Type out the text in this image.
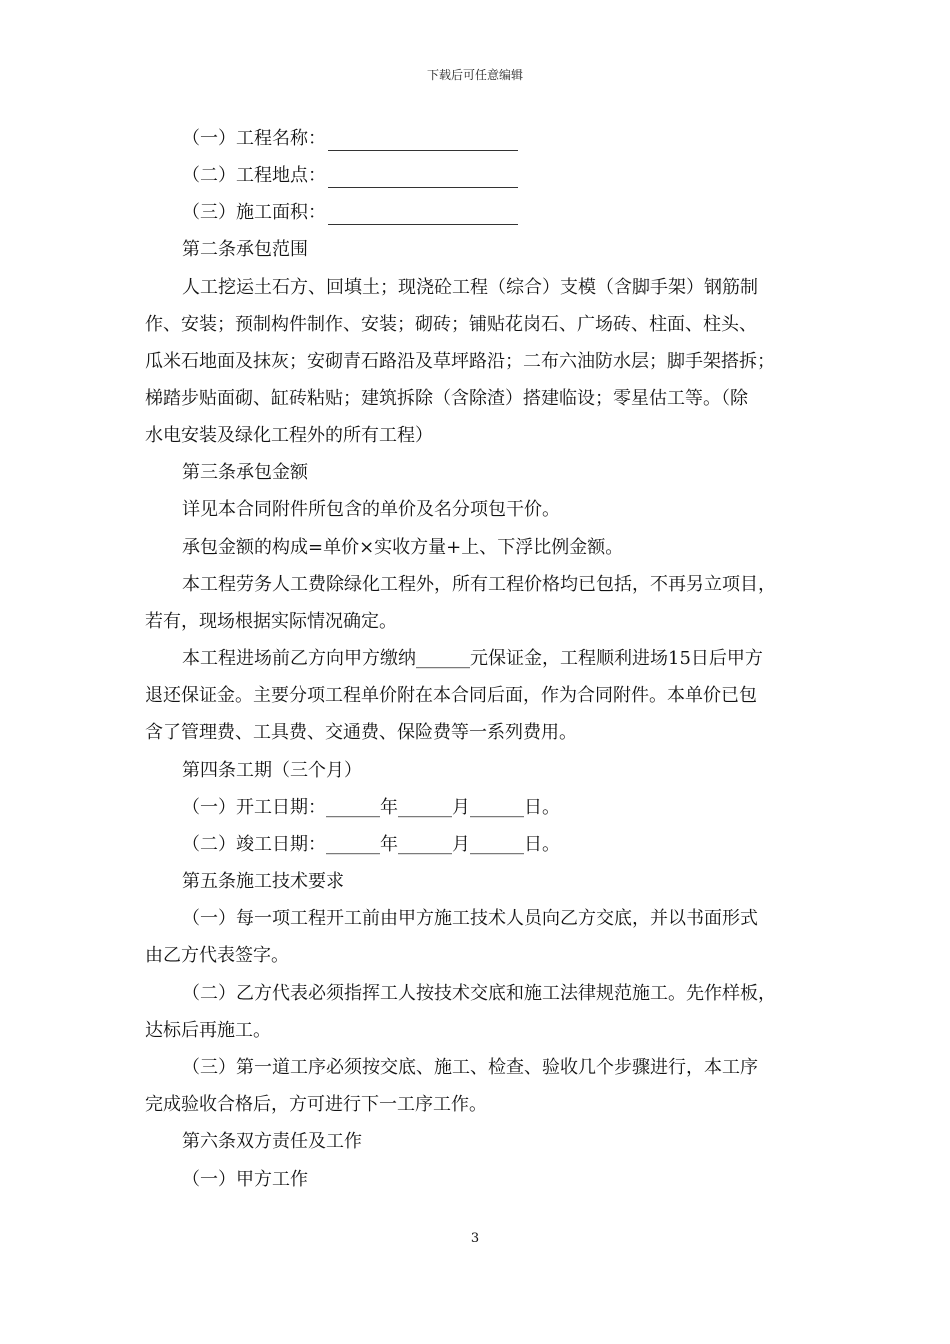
下载后可任意编辑
（一）工程名称：
（二）工程地点：
（三）施工面积：
第二条承包范围
人工挖运土石方、回填土；现浇砼工程（综合）支模（含脚手架）钢筋制
作、安装；预制构件制作、安装；砌砖；铺贴花岗石、广场砖、柱面、柱头、
瓜米石地面及抹灰；安砌青石路沿及草坪路沿；二布六油防水层；脚手架搭拆；
梯踏步贴面砌、缸砖粘贴；建筑拆除（含除渣）搭建临设；零星估工等。（除
水电安装及绿化工程外的所有工程）
第三条承包金额
详见本合同附件所包含的单价及名分项包干价。
承包金额的构成=单价×实收方量+上、下浮比例金额。
本工程劳务人工费除绿化工程外，所有工程价格均已包括，不再另立项目，
若有，现场根据实际情况确定。
本工程进场前乙方向甲方缴纳______元保证金，工程顺利进场15日后甲方
退还保证金。主要分项工程单价附在本合同后面，作为合同附件。本单价已包
含了管理费、工具费、交通费、保险费等一系列费用。
第四条工期（三个月）
（一）开工日期：______年______月______日。
（二）竣工日期：______年______月______日。
第五条施工技术要求
（一）每一项工程开工前由甲方施工技术人员向乙方交底，并以书面形式
由乙方代表签字。
（二）乙方代表必须指挥工人按技术交底和施工法律规范施工。先作样板，
达标后再施工。
（三）第一道工序必须按交底、施工、检查、验收几个步骤进行，本工序
完成验收合格后，方可进行下一工序工作。
第六条双方责任及工作
（一）甲方工作
3
